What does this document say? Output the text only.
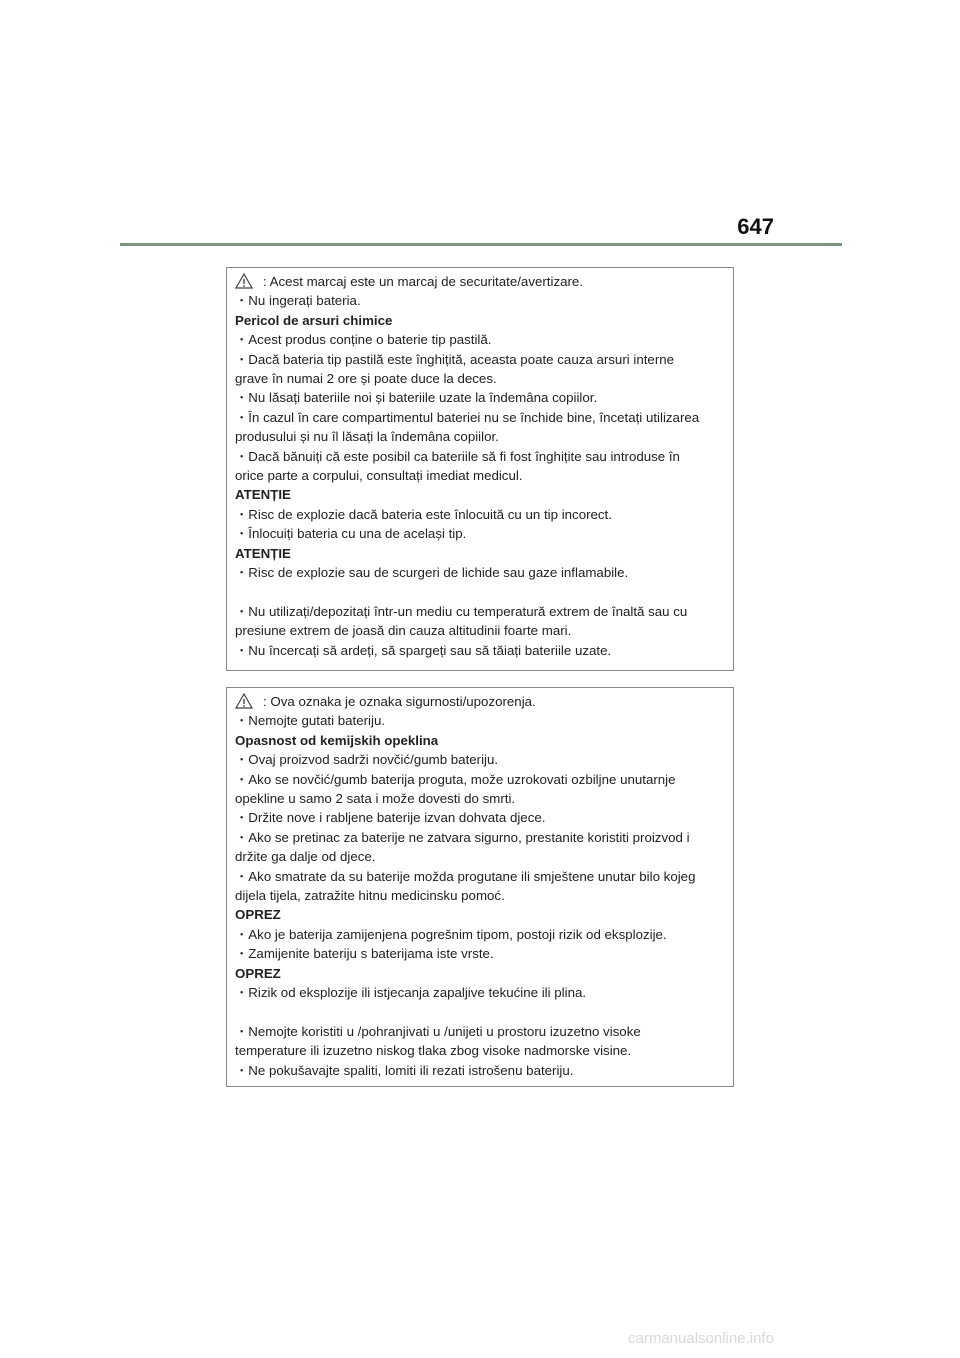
647
: Acest marcaj este un marcaj de securitate/avertizare.
・Nu ingerați bateria.
Pericol de arsuri chimice
・Acest produs conține o baterie tip pastilă.
・Dacă bateria tip pastilă este înghițită, aceasta poate cauza arsuri interne
grave în numai 2 ore și poate duce la deces.
・Nu lăsați bateriile noi și bateriile uzate la îndemâna copiilor.
・În cazul în care compartimentul bateriei nu se închide bine, încetați utilizarea
produsului și nu îl lăsați la îndemâna copiilor.
・Dacă bănuiți că este posibil ca bateriile să fi fost înghițite sau introduse în
orice parte a corpului, consultați imediat medicul.
ATENȚIE
・Risc de explozie dacă bateria este înlocuită cu un tip incorect.
・Înlocuiți bateria cu una de același tip.
ATENȚIE
・Risc de explozie sau de scurgeri de lichide sau gaze inflamabile.
・Nu utilizați/depozitați într-un mediu cu temperatură extrem de înaltă sau cu
presiune extrem de joasă din cauza altitudinii foarte mari.
・Nu încercați să ardeți, să spargeți sau să tăiați bateriile uzate.
: Ova oznaka je oznaka sigurnosti/upozorenja.
・Nemojte gutati bateriju.
Opasnost od kemijskih opeklina
・Ovaj proizvod sadrži novčić/gumb bateriju.
・Ako se novčić/gumb baterija proguta, može uzrokovati ozbiljne unutarnje
opekline u samo 2 sata i može dovesti do smrti.
・Držite nove i rabljene baterije izvan dohvata djece.
・Ako se pretinac za baterije ne zatvara sigurno, prestanite koristiti proizvod i
držite ga dalje od djece.
・Ako smatrate da su baterije možda progutane ili smještene unutar bilo kojeg
dijela tijela, zatražite hitnu medicinsku pomoć.
OPREZ
・Ako je baterija zamijenjena pogrešnim tipom, postoji rizik od eksplozije.
・Zamijenite bateriju s baterijama iste vrste.
OPREZ
・Rizik od eksplozije ili istjecanja zapaljive tekućine ili plina.
・Nemojte koristiti u /pohranjivati u /unijeti u prostoru izuzetno visoke
temperature ili izuzetno niskog tlaka zbog visoke nadmorske visine.
・Ne pokušavajte spaliti, lomiti ili rezati istrošenu bateriju.
carmanualsonline.info
